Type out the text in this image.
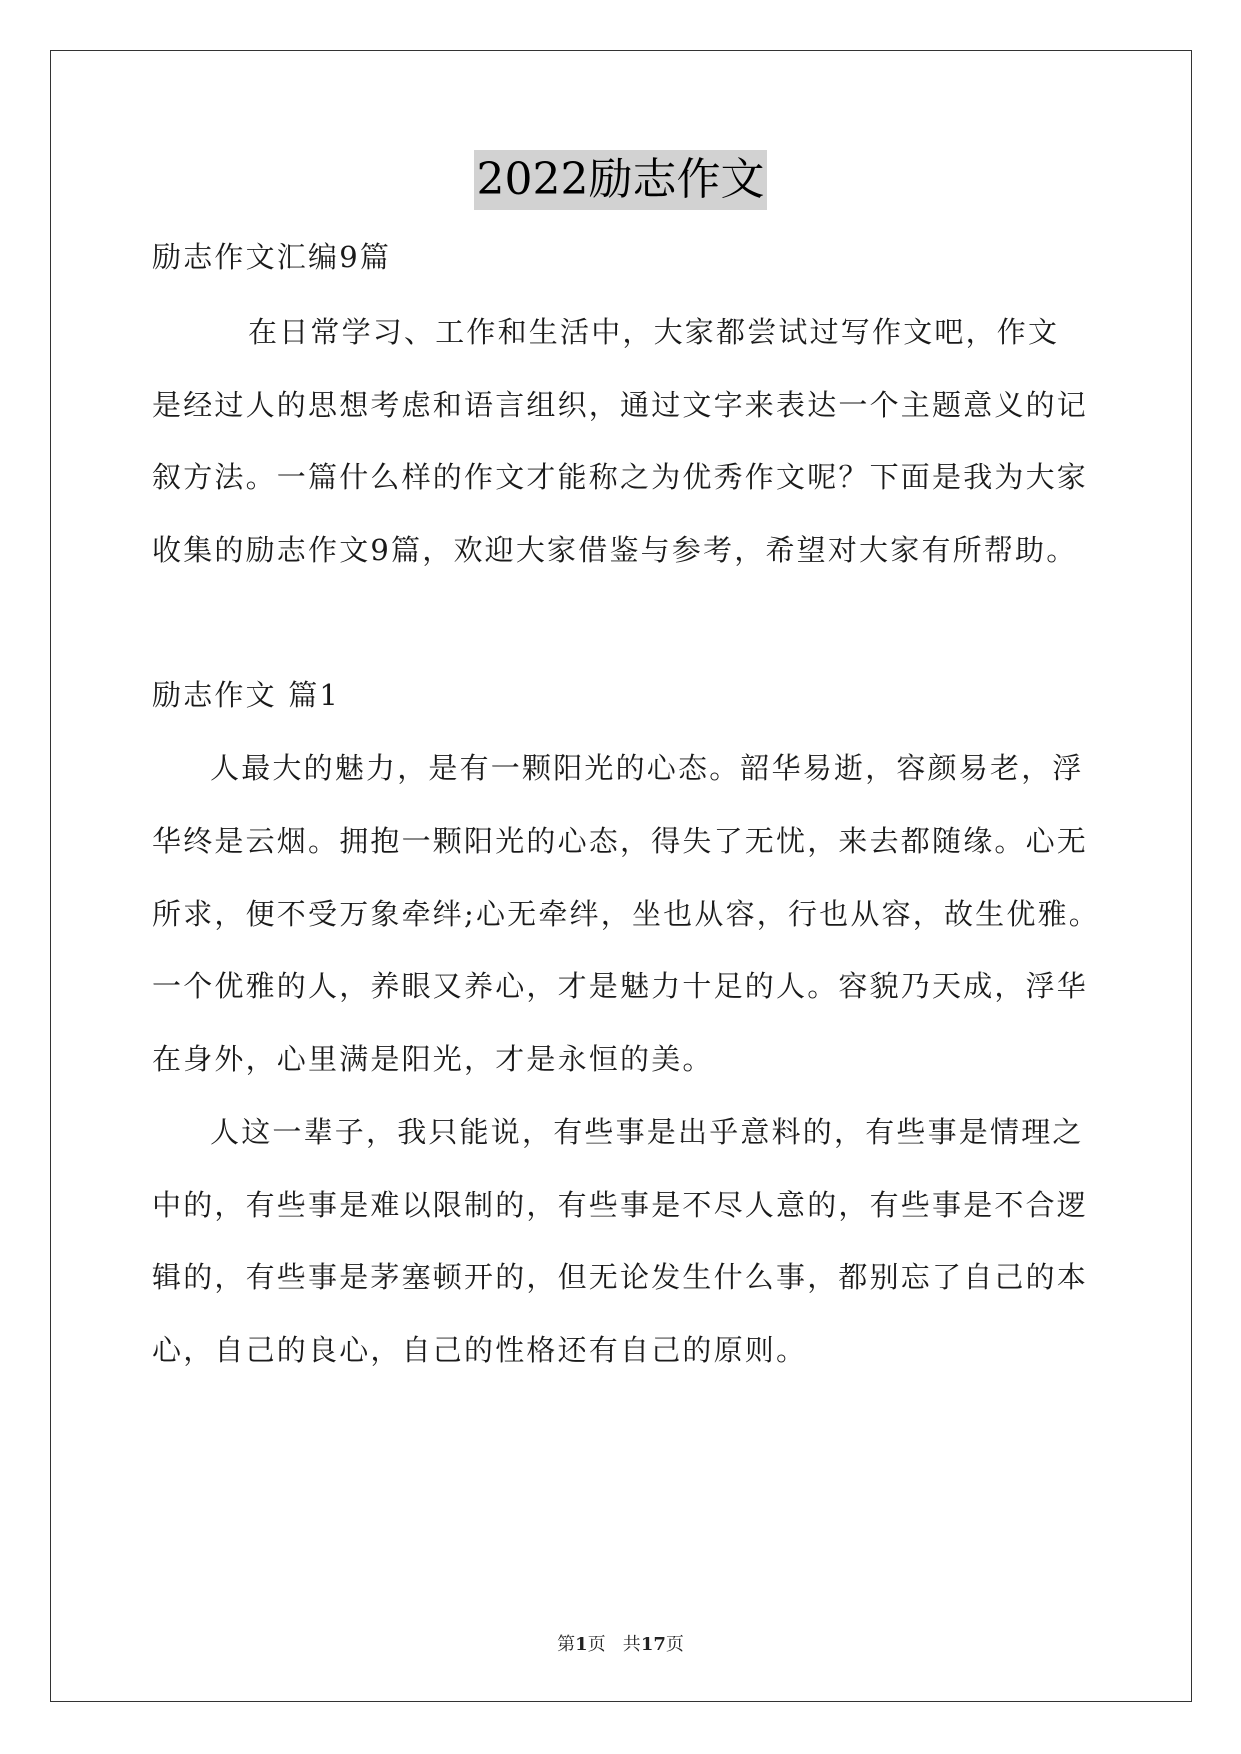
2022励志作文
励志作文汇编9篇
在日常学习、工作和生活中，大家都尝试过写作文吧，作文
是经过人的思想考虑和语言组织，通过文字来表达一个主题意义的记
叙方法。一篇什么样的作文才能称之为优秀作文呢？下面是我为大家
收集的励志作文9篇，欢迎大家借鉴与参考，希望对大家有所帮助。
励志作文 篇1
人最大的魅力，是有一颗阳光的心态。韶华易逝，容颜易老，浮
华终是云烟。拥抱一颗阳光的心态，得失了无忧，来去都随缘。心无
所求，便不受万象牵绊;心无牵绊，坐也从容，行也从容，故生优雅。
一个优雅的人，养眼又养心，才是魅力十足的人。容貌乃天成，浮华
在身外，心里满是阳光，才是永恒的美。
人这一辈子，我只能说，有些事是出乎意料的，有些事是情理之
中的，有些事是难以限制的，有些事是不尽人意的，有些事是不合逻
辑的，有些事是茅塞顿开的，但无论发生什么事，都别忘了自己的本
心，自己的良心，自己的性格还有自己的原则。
第1页   共17页
